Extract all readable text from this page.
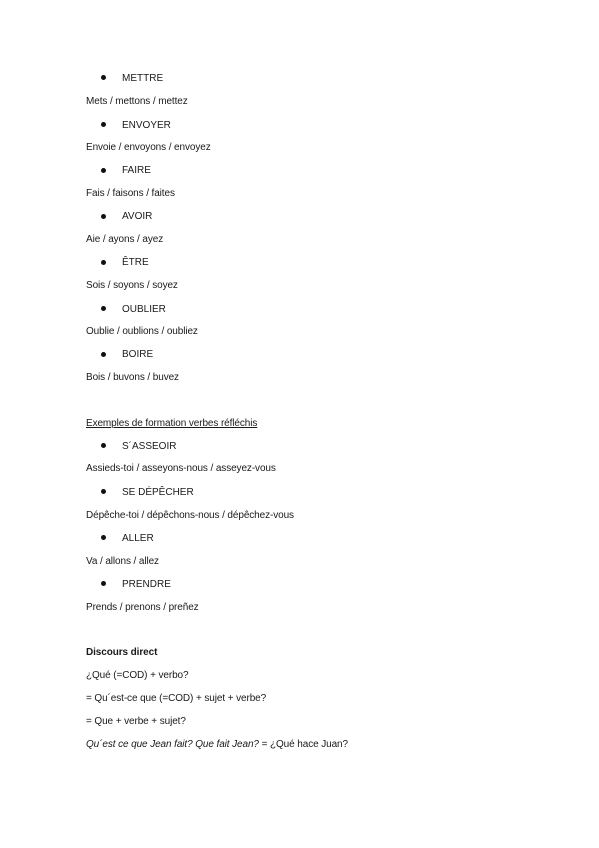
METTRE
Mets / mettons / mettez
ENVOYER
Envoie / envoyons / envoyez
FAIRE
Fais / faisons / faites
AVOIR
Aie / ayons / ayez
ÊTRE
Sois / soyons / soyez
OUBLIER
Oublie / oublions / oubliez
BOIRE
Bois / buvons / buvez
Exemples de formation verbes réfléchis
S´ASSEOIR
Assieds-toi / asseyons-nous / asseyez-vous
SE DÉPÊCHER
Dépêche-toi / dépêchons-nous / dépêchez-vous
ALLER
Va / allons / allez
PRENDRE
Prends / prenons / preñez
Discours direct
¿Qué (=COD) + verbo?
= Qu´est-ce que (=COD) + sujet + verbe?
= Que + verbe + sujet?
Qu´est ce que Jean fait? Que fait Jean? = ¿Qué hace Juan?
